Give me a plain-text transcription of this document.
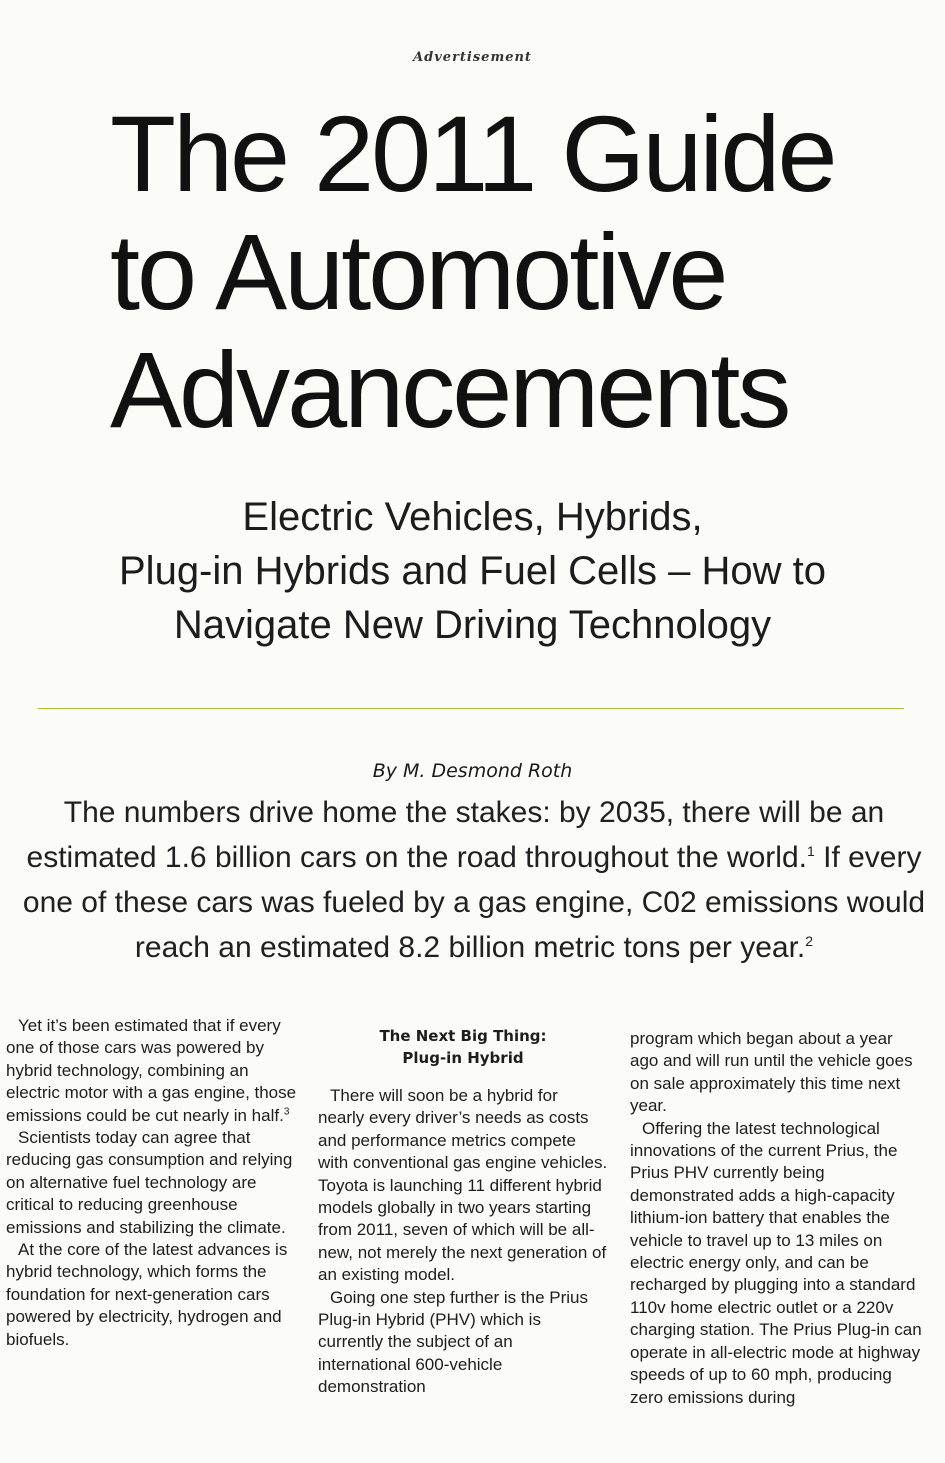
Advertisement
The 2011 Guide
to Automotive
Advancements
Electric Vehicles, Hybrids,
Plug-in Hybrids and Fuel Cells – How to
Navigate New Driving Technology
By M. Desmond Roth

The numbers drive home the stakes: by 2035, there will be an estimated 1.6 billion cars on the road throughout the world.$^1$ If every one of these cars was fueled by a gas engine, C02 emissions would reach an estimated 8.2 billion metric tons per year.$^2$

Yet it’s been estimated that if every one of those cars was powered by hybrid technology, combining an electric motor with a gas engine, those emissions could be cut nearly in half.$^3$

Scientists today can agree that reducing gas consumption and relying on alternative fuel technology are critical to reducing greenhouse emissions and stabilizing the climate.

At the core of the latest advances is hybrid technology, which forms the foundation for next-generation cars powered by electricity, hydrogen and biofuels.

The Next Big Thing:
Plug-in Hybrid

There will soon be a hybrid for nearly every driver’s needs as costs and performance metrics compete with conventional gas engine vehicles. Toyota is launching 11 different hybrid models globally in two years starting from 2011, seven of which will be all-new, not merely the next generation of an existing model.

Going one step further is the Prius Plug-in Hybrid (PHV) which is currently the subject of an international 600-vehicle demonstration

program which began about a year ago and will run until the vehicle goes on sale approximately this time next year.

Offering the latest technological innovations of the current Prius, the Prius PHV currently being demonstrated adds a high-capacity lithium-ion battery that enables the vehicle to travel up to 13 miles on electric energy only, and can be recharged by plugging into a standard 110v home electric outlet or a 220v charging station. The Prius Plug-in can operate in all-electric mode at highway speeds of up to 60 mph, producing zero emissions during
